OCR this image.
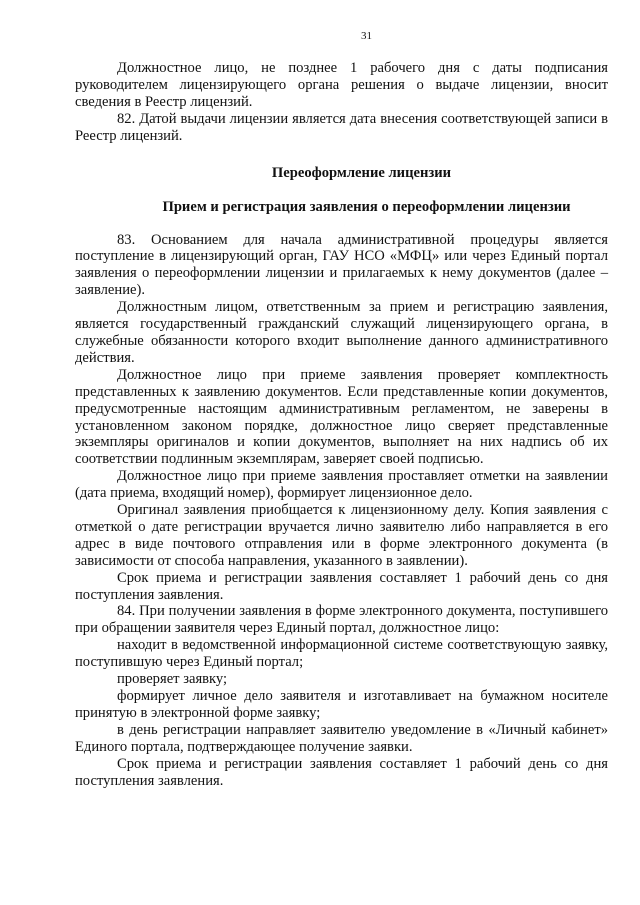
31

Должностное лицо, не позднее 1 рабочего дня с даты подписания руководителем лицензирующего органа решения о выдаче лицензии, вносит сведения в Реестр лицензий.

82. Датой выдачи лицензии является дата внесения соответствующей записи в Реестр лицензий.

Переоформление лицензии
Прием и регистрация заявления о переоформлении лицензии

83. Основанием для начала административной процедуры является поступление в лицензирующий орган, ГАУ НСО «МФЦ» или через Единый портал заявления о переоформлении лицензии и прилагаемых к нему документов (далее – заявление).

Должностным лицом, ответственным за прием и регистрацию заявления, является государственный гражданский служащий лицензирующего органа, в служебные обязанности которого входит выполнение данного административного действия.

Должностное лицо при приеме заявления проверяет комплектность представленных к заявлению документов. Если представленные копии документов, предусмотренные настоящим административным регламентом, не заверены в установленном законом порядке, должностное лицо сверяет представленные экземпляры оригиналов и копии документов, выполняет на них надпись об их соответствии подлинным экземплярам, заверяет своей подписью.

Должностное лицо при приеме заявления проставляет отметки на заявлении (дата приема, входящий номер), формирует лицензионное дело.

Оригинал заявления приобщается к лицензионному делу. Копия заявления с отметкой о дате регистрации вручается лично заявителю либо направляется в его адрес в виде почтового отправления или в форме электронного документа (в зависимости от способа направления, указанного в заявлении).

Срок приема и регистрации заявления составляет 1 рабочий день со дня поступления заявления.

84. При получении заявления в форме электронного документа, поступившего при обращении заявителя через Единый портал, должностное лицо:

находит в ведомственной информационной системе соответствующую заявку, поступившую через Единый портал;

проверяет заявку;

формирует личное дело заявителя и изготавливает на бумажном носителе принятую в электронной форме заявку;

в день регистрации направляет заявителю уведомление в «Личный кабинет» Единого портала, подтверждающее получение заявки.

Срок приема и регистрации заявления составляет 1 рабочий день со дня поступления заявления.
